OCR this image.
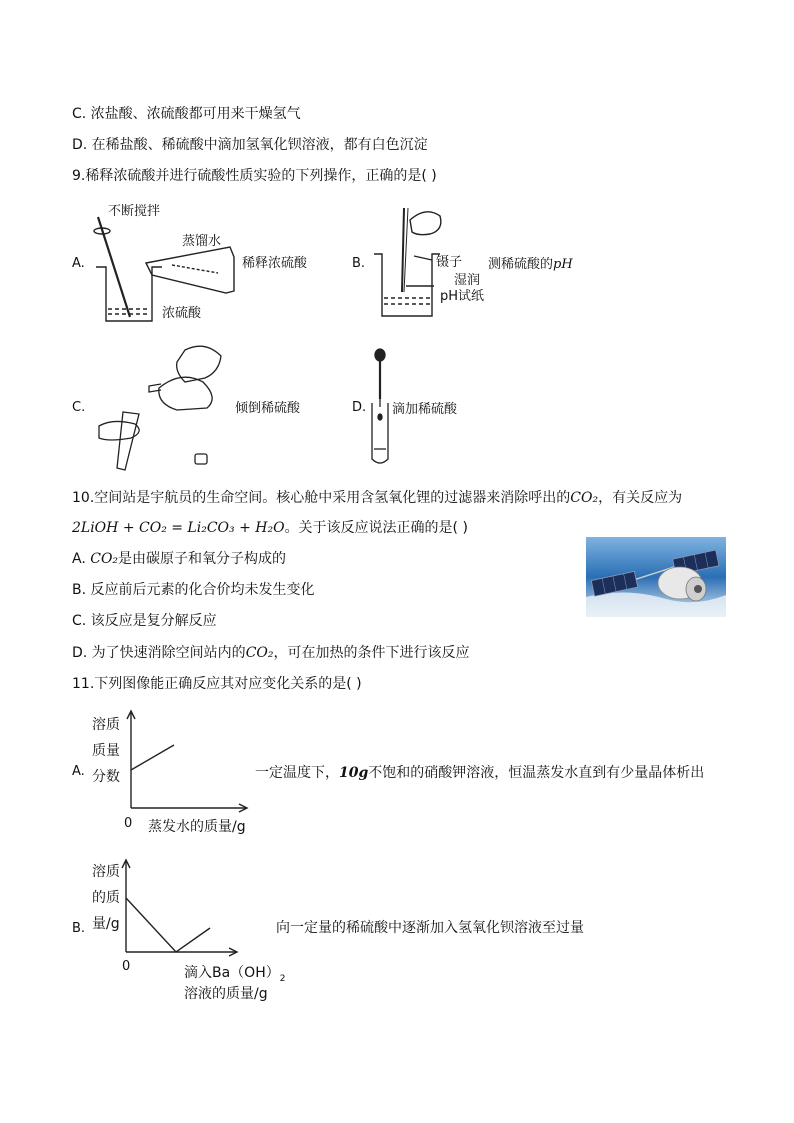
C. 浓盐酸、浓硫酸都可用来干燥氢气
D. 在稀盐酸、稀硫酸中滴加氢氧化钡溶液，都有白色沉淀
9.稀释浓硫酸并进行硫酸性质实验的下列操作，正确的是( )
A.
不断搅拌
蒸馏水
稀释浓硫酸
浓硫酸
B.	镊子 测稀硫酸的pH
湿润
pH试纸
C.	倾倒稀硫酸	D. 滴加稀硫酸
10.空间站是宇航员的生命空间。核心舱中采用含氢氧化锂的过滤器来消除呼出的CO₂，有关反应为
2LiOH + CO₂ = Li₂CO₃ + H₂O。关于该反应说法正确的是( )
A. CO₂是由碳原子和氧分子构成的
B. 反应前后元素的化合价均未发生变化
C. 该反应是复分解反应
D. 为了快速消除空间站内的CO₂，可在加热的条件下进行该反应
11.下列图像能正确反应其对应变化关系的是( )
A.
溶质
质量
分数
0 蒸发水的质量/g
一定温度下，10g不饱和的硝酸钾溶液，恒温蒸发水直到有少量晶体析出
B.
溶质
的质
量/g
0	滴入$Ba(OH)_2$
溶液的质量/g
向一定量的稀硫酸中逐渐加入氢氧化钡溶液至过量
